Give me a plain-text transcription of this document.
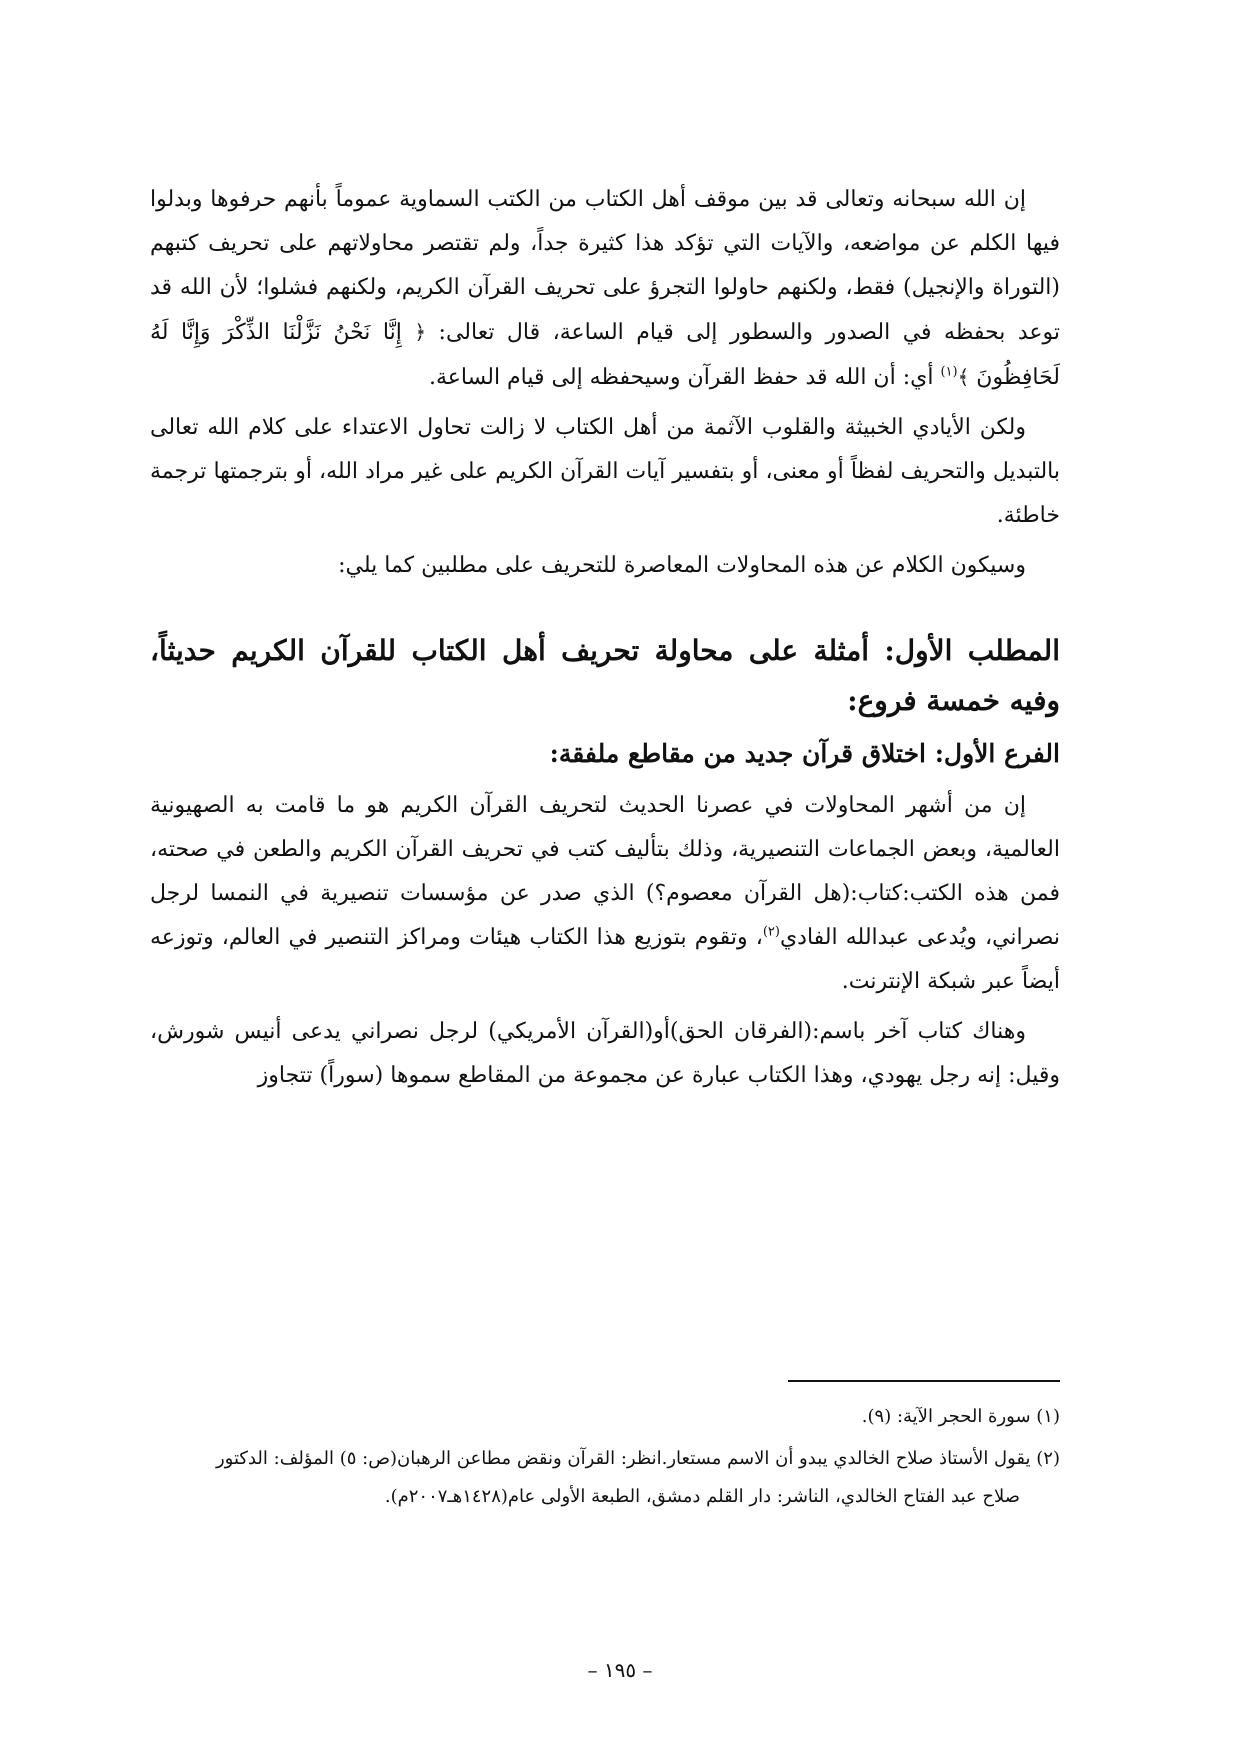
إن الله سبحانه وتعالى قد بين موقف أهل الكتاب من الكتب السماوية عموماً بأنهم حرفوها وبدلوا فيها الكلم عن مواضعه، والآيات التي تؤكد هذا كثيرة جداً، ولم تقتصر محاولاتهم على تحريف كتبهم (التوراة والإنجيل) فقط، ولكنهم حاولوا التجرؤ على تحريف القرآن الكريم، ولكنهم فشلوا؛ لأن الله قد توعد بحفظه في الصدور والسطور إلى قيام الساعة، قال تعالى: ﴿ إِنَّا نَحْنُ نَزَّلْنَا الذِّكْرَ وَإِنَّا لَهُ لَحَافِظُونَ ﴾$^{(١)}$ أي: أن الله قد حفظ القرآن وسيحفظه إلى قيام الساعة.

ولكن الأيادي الخبيثة والقلوب الآثمة من أهل الكتاب لا زالت تحاول الاعتداء على كلام الله تعالى بالتبديل والتحريف لفظاً أو معنى، أو بتفسير آيات القرآن الكريم على غير مراد الله، أو بترجمتها ترجمة خاطئة.

وسيكون الكلام عن هذه المحاولات المعاصرة للتحريف على مطلبين كما يلي:

المطلب الأول: أمثلة على محاولة تحريف أهل الكتاب للقرآن الكريم حديثاً، وفيه خمسة فروع:
الفرع الأول: اختلاق قرآن جديد من مقاطع ملفقة:

إن من أشهر المحاولات في عصرنا الحديث لتحريف القرآن الكريم هو ما قامت به الصهيونية العالمية، وبعض الجماعات التنصيرية، وذلك بتأليف كتب في تحريف القرآن الكريم والطعن في صحته، فمن هذه الكتب:كتاب:(هل القرآن معصوم؟) الذي صدر عن مؤسسات تنصيرية في النمسا لرجل نصراني، ويُدعى عبدالله الفادي$^{(٢)}$، وتقوم بتوزيع هذا الكتاب هيئات ومراكز التنصير في العالم، وتوزعه أيضاً عبر شبكة الإنترنت.

وهناك كتاب آخر باسم:(الفرقان الحق)أو(القرآن الأمريكي) لرجل نصراني يدعى أنيس شورش، وقيل: إنه رجل يهودي، وهذا الكتاب عبارة عن مجموعة من المقاطع سموها (سوراً) تتجاوز

(١) سورة الحجر الآية: (٩).

(٢) يقول الأستاذ صلاح الخالدي يبدو أن الاسم مستعار.انظر: القرآن ونقض مطاعن الرهبان(ص: ٥) المؤلف: الدكتور
صلاح عبد الفتاح الخالدي، الناشر: دار القلم دمشق، الطبعة الأولى عام(١٤٢٨هـ٢٠٠٧م).

– ١٩٥ –
